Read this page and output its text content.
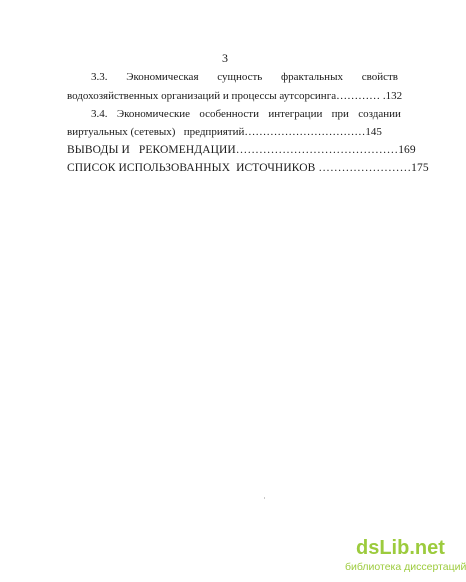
3
3.3. Экономическая сущность фрактальных свойств
водохозяйственных организаций и процессы аутсорсинга………… .132
3.4. Экономические особенности интеграции при создании
виртуальных (сетевых)   предприятий……………………………145
ВЫВОДЫ И   РЕКОМЕНДАЦИИ……………………………………169
СПИСОК ИСПОЛЬЗОВАННЫХ  ИСТОЧНИКОВ ……………………175
dsLib.net
библиотека диссертаций
